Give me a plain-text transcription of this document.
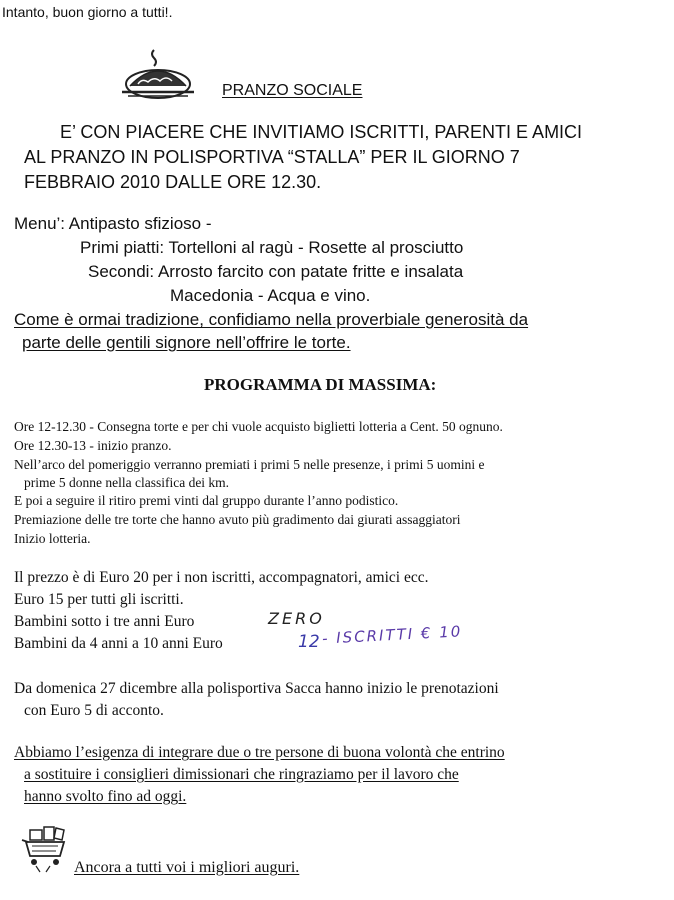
Intanto, buon giorno a tutti!.
PRANZO SOCIALE
E’ CON PIACERE CHE INVITIAMO ISCRITTI, PARENTI E AMICI
AL PRANZO IN POLISPORTIVA “STALLA” PER IL GIORNO 7
FEBBRAIO 2010 DALLE ORE 12.30.
Menu’: Antipasto sfizioso -
Primi piatti: Tortelloni al ragù - Rosette al prosciutto
Secondi: Arrosto farcito con patate fritte e insalata
Macedonia - Acqua e vino.
Come è ormai tradizione, confidiamo nella proverbiale generosità da
parte delle gentili signore nell’offrire le torte.
PROGRAMMA DI MASSIMA:
Ore 12-12.30 - Consegna torte e per chi vuole acquisto biglietti lotteria a Cent. 50 ognuno.
Ore 12.30-13 - inizio pranzo.
Nell’arco del pomeriggio verranno premiati i primi 5 nelle presenze, i primi 5 uomini e
prime 5 donne nella classifica dei km.
E poi a seguire il ritiro premi vinti dal gruppo durante l’anno podistico.
Premiazione delle tre torte che hanno avuto più gradimento dai giurati assaggiatori
Inizio lotteria.
Il prezzo è di Euro 20 per i non iscritti, accompagnatori, amici ecc.
Euro 15 per tutti gli iscritti.
Bambini sotto i tre anni Euro
Bambini da 4 anni a 10 anni Euro
ZERO
12 - ISCRITTI € 10
Da domenica 27 dicembre alla polisportiva Sacca hanno inizio le prenotazioni
con Euro 5 di acconto.
Abbiamo l’esigenza di integrare due o tre persone di buona volontà che entrino
a sostituire i consiglieri dimissionari che ringraziamo per il lavoro che
hanno svolto fino ad oggi.
Ancora a tutti voi i migliori auguri.
